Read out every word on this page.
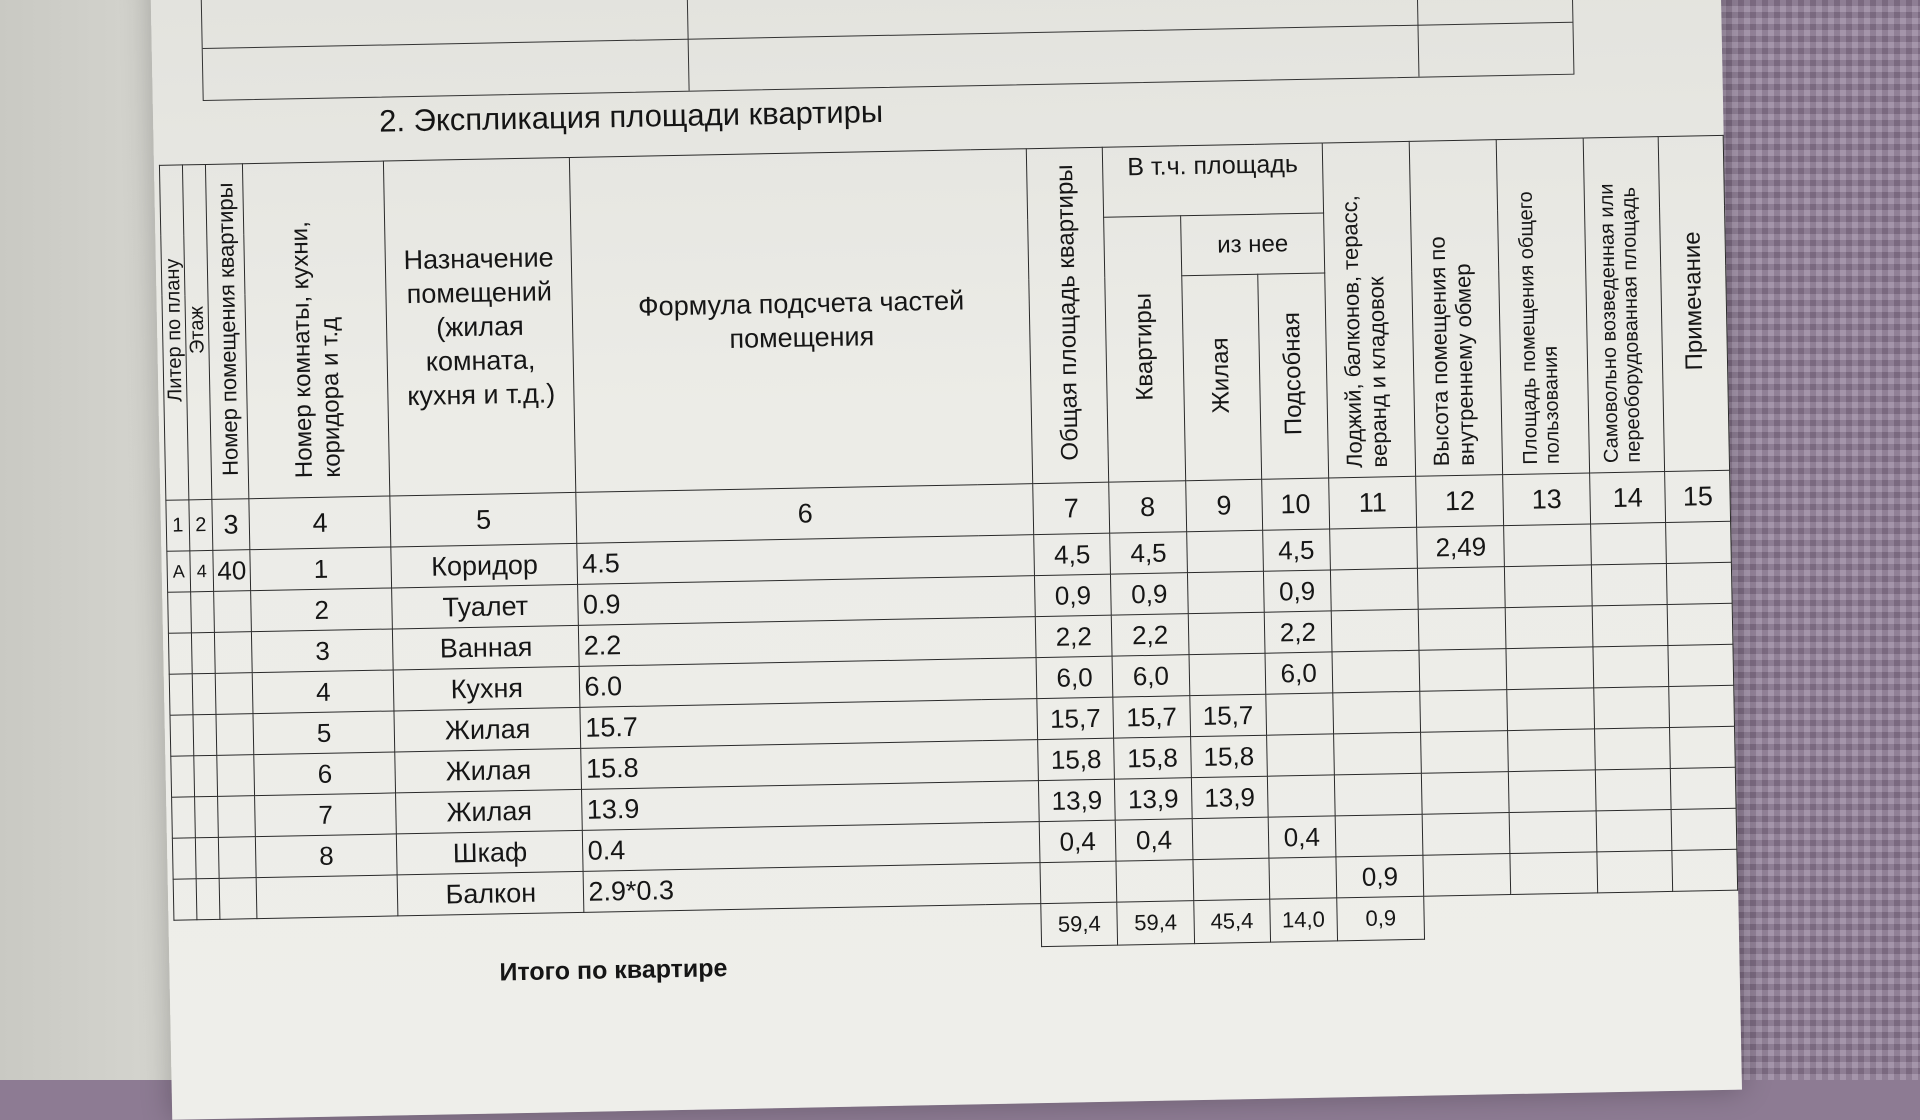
2. Экспликация площади квартиры
Литер по плану	Этаж	Номер помещения квартиры	Номер комнаты, кухни, коридора и т.д	Назначение помещений (жилая комната, кухня и т.д.)	Формула подсчета частей помещения		Общая площадь квартиры	В т.ч. площадь			Лоджий, балконов, терасс, веранд и кладовок	Высота помещения по внутреннему обмер	Площадь помещения общего пользования	Самовольно возведенная или переоборудованная площадь	Примечание
								Квартиры	из нее						
									Жилая	Подсобная					
1	2	3	4	5	6		7	8	9	10	11	12	13	14	15
А	4	40	1	Коридор	4.5		4,5	4,5		4,5		2,49			
			2	Туалет	0.9		0,9	0,9		0,9					
			3	Ванная	2.2		2,2	2,2		2,2					
			4	Кухня	6.0		6,0	6,0		6,0					
			5	Жилая	15.7		15,7	15,7	15,7						
			6	Жилая	15.8		15,8	15,8	15,8						
			7	Жилая	13.9		13,9	13,9	13,9						
			8	Шкаф	0.4		0,4	0,4		0,4					
				Балкон	2.9*0.3						0,9				
							59,4	59,4	45,4	14,0	0,9				
Итого по квартире
